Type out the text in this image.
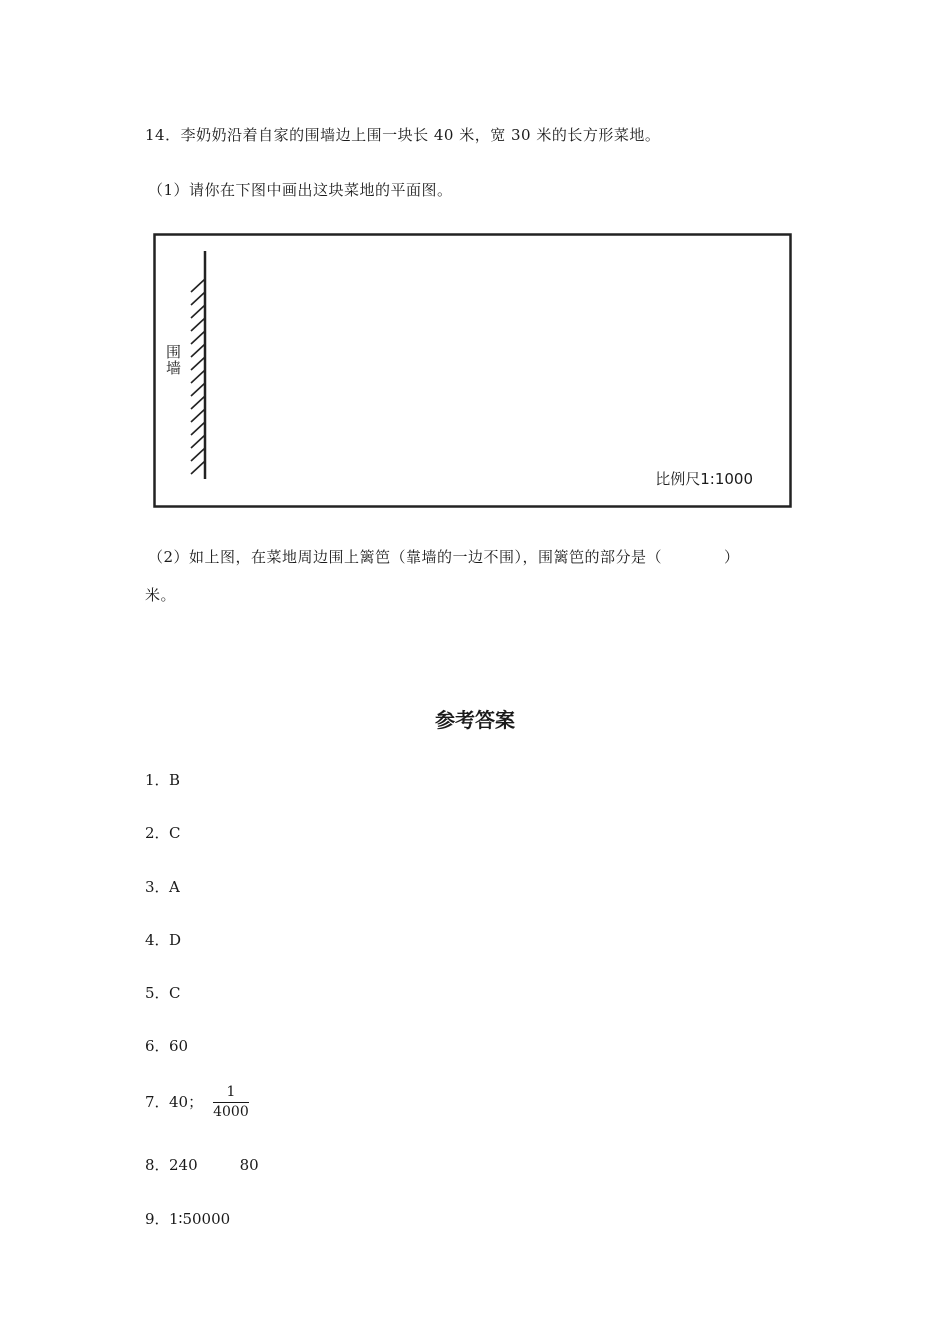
14．李奶奶沿着自家的围墙边上围一块长 40 米，宽 30 米的长方形菜地。
（1）请你在下图中画出这块菜地的平面图。
围墙
比例尺1:1000
（2）如上图，在菜地周边围上篱笆（靠墙的一边不围），围篱笆的部分是（　　　　）
米。
参考答案
1．B
2．C
3．A
4．D
5．C
6．60
7．40； $\frac{1}{4000}$
8．240	80
9．1∶50000
